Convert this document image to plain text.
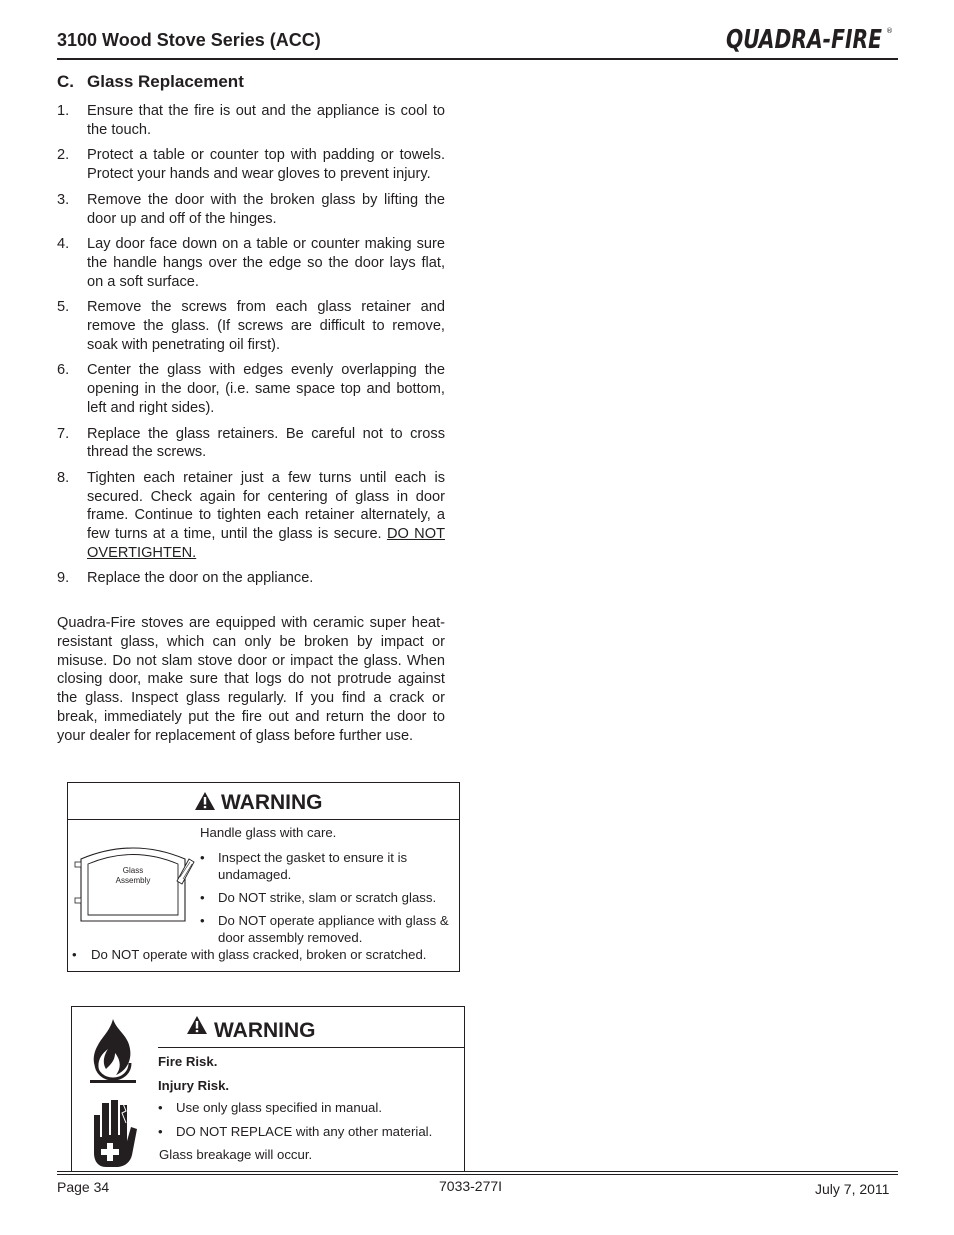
3100 Wood Stove Series (ACC)	QUADRA-FIRE ®
C. Glass Replacement
1. Ensure that the fire is out and the appliance is cool to the touch.
2. Protect a table or counter top with padding or towels. Protect your hands and wear gloves to prevent injury.
3. Remove the door with the broken glass by lifting the door up and off of the hinges.
4. Lay door face down on a table or counter making sure the handle hangs over the edge so the door lays flat, on a soft surface.
5. Remove the screws from each glass retainer and remove the glass. (If screws are difficult to remove, soak with penetrating oil first).
6. Center the glass with edges evenly overlapping the opening in the door, (i.e. same space top and bottom, left and right sides).
7. Replace the glass retainers. Be careful not to cross thread the screws.
8. Tighten each retainer just a few turns until each is secured. Check again for centering of glass in door frame. Continue to tighten each retainer alternately, a few turns at a time, until the glass is secure. DO NOT OVERTIGHTEN.
9. Replace the door on the appliance.

Quadra-Fire stoves are equipped with ceramic super heat-resistant glass, which can only be broken by impact or misuse. Do not slam stove door or impact the glass. When closing door, make sure that logs do not protrude against the glass. Inspect glass regularly. If you find a crack or break, immediately put the fire out and return the door to your dealer for replacement of glass before further use.

WARNING
Glass
Assembly
Handle glass with care.
• Inspect the gasket to ensure it is undamaged.
• Do NOT strike, slam or scratch glass.
• Do NOT operate appliance with glass & door assembly removed.
• Do NOT operate with glass cracked, broken or scratched.
WARNING
Fire Risk.
Injury Risk.
• Use only glass specified in manual.
• DO NOT REPLACE with any other material.
Glass breakage will occur.
Page 34	7033-277I	July 7, 2011
